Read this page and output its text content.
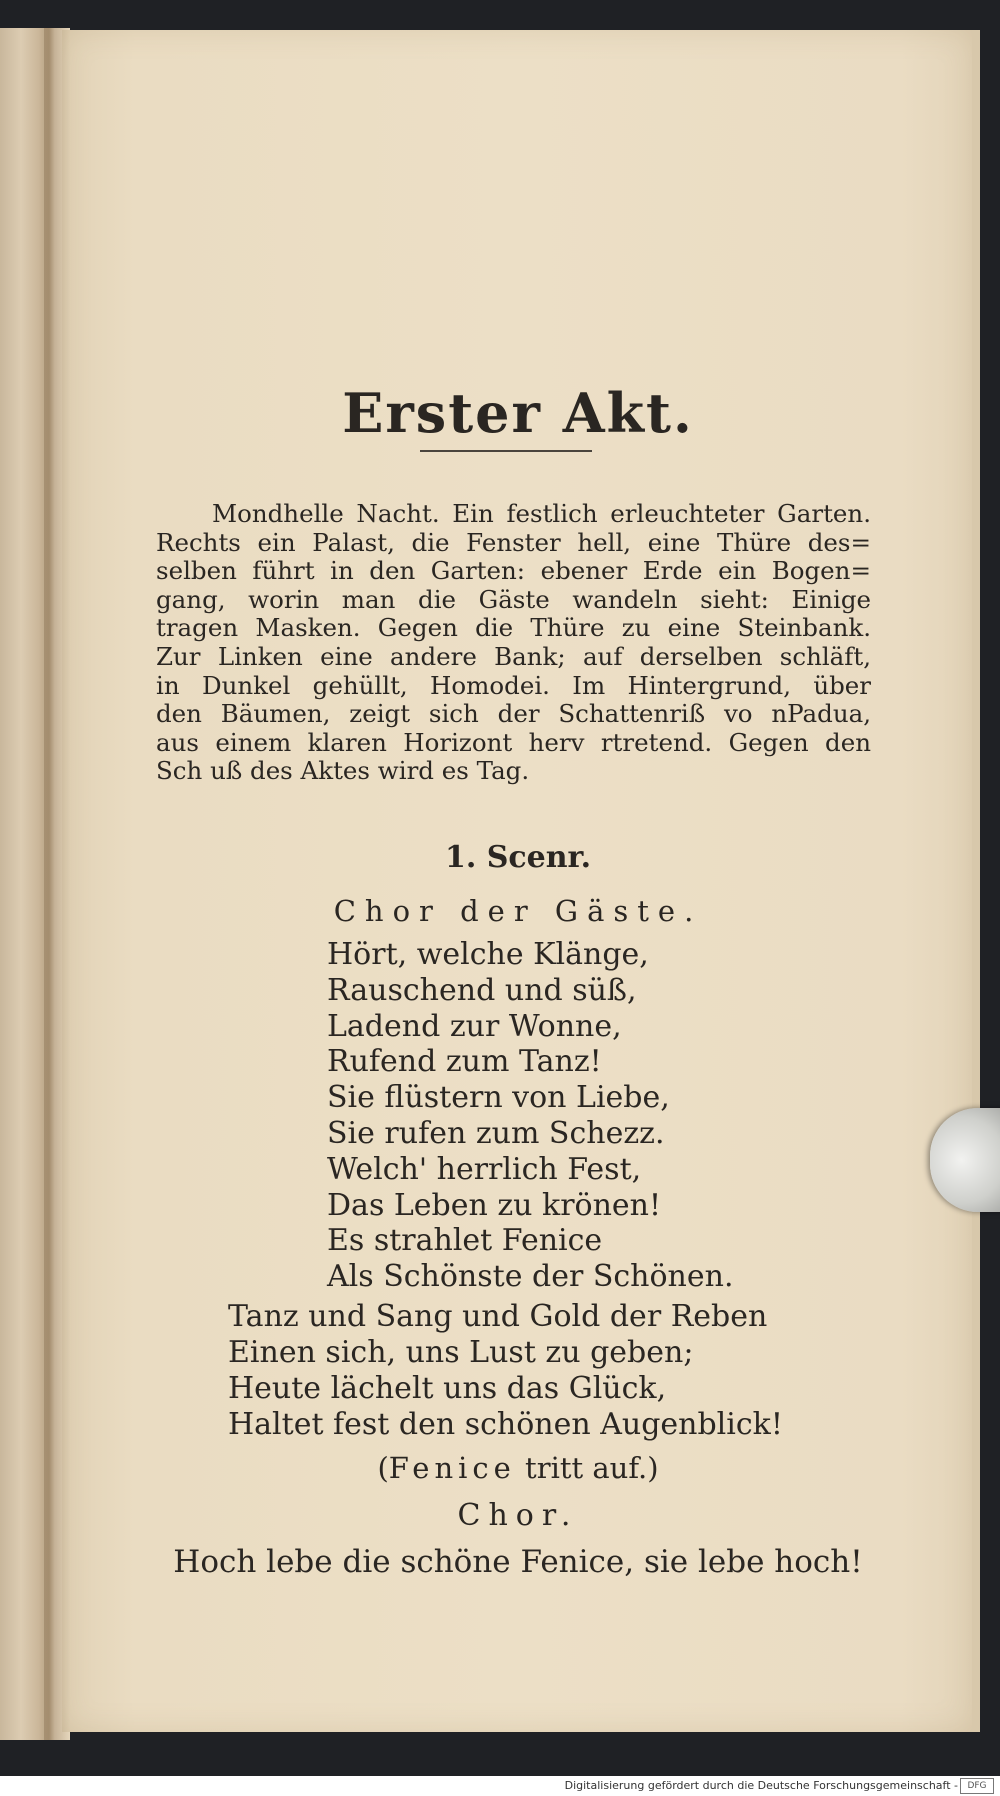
Erster Akt.

Mondhelle Nacht. Ein festlich erleuchteter Garten.

Rechts ein Palast, die Fenster hell, eine Thüre des=

selben führt in den Garten: ebener Erde ein Bogen=

gang, worin man die Gäste wandeln sieht: Einige

tragen Masken. Gegen die Thüre zu eine Steinbank.

Zur Linken eine andere Bank; auf derselben schläft,

in Dunkel gehüllt, Homodei. Im Hintergrund, über

den Bäumen, zeigt sich der Schattenriß vo nPadua,

aus einem klaren Horizont herv rtretend. Gegen den

Sch uß des Aktes wird es Tag.

1. Scenr.
Chor der Gäste.
Hört, welche Klänge,
Rauschend und süß,
Ladend zur Wonne,
Rufend zum Tanz!
Sie flüstern von Liebe,
Sie rufen zum Schezz.
Welch' herrlich Fest,
Das Leben zu krönen!
Es strahlet Fenice
Als Schönste der Schönen.
Tanz und Sang und Gold der Reben
Einen sich, uns Lust zu geben;
Heute lächelt uns das Glück,
Haltet fest den schönen Augenblick!
(Fenice tritt auf.)
Chor.
Hoch lebe die schöne Fenice, sie lebe hoch!
Digitalisierung gefördert durch die Deutsche Forschungsgemeinschaft -	DFG
